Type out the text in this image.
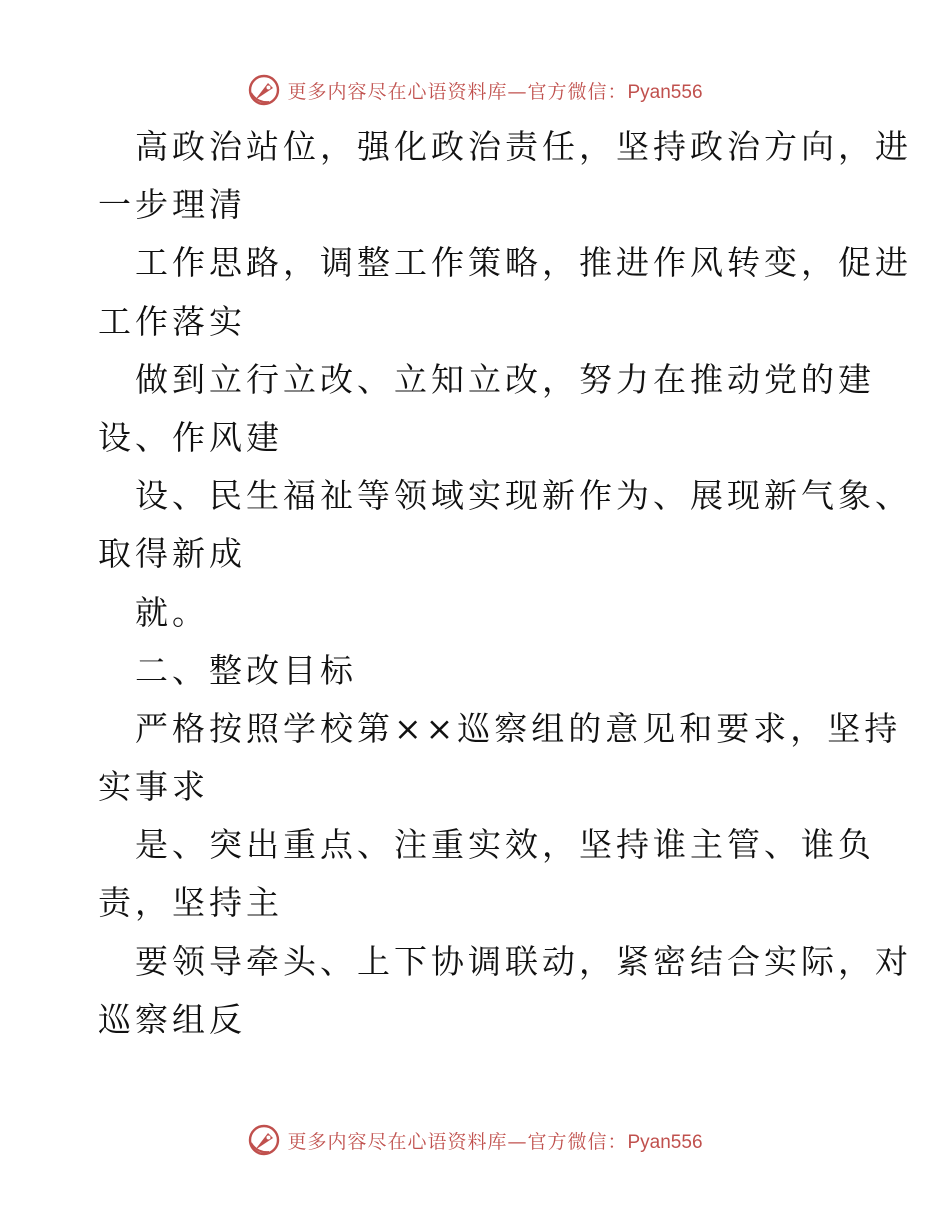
更多内容尽在心语资料库—官方微信：Pyan556
高政治站位，强化政治责任，坚持政治方向，进
一步理清
工作思路，调整工作策略，推进作风转变，促进
工作落实
做到立行立改、立知立改，努力在推动党的建
设、作风建
设、民生福祉等领域实现新作为、展现新气象、
取得新成
就。
二、整改目标
严格按照学校第××巡察组的意见和要求，坚持
实事求
是、突出重点、注重实效，坚持谁主管、谁负
责，坚持主
要领导牵头、上下协调联动，紧密结合实际，对
巡察组反
更多内容尽在心语资料库—官方微信：Pyan556
